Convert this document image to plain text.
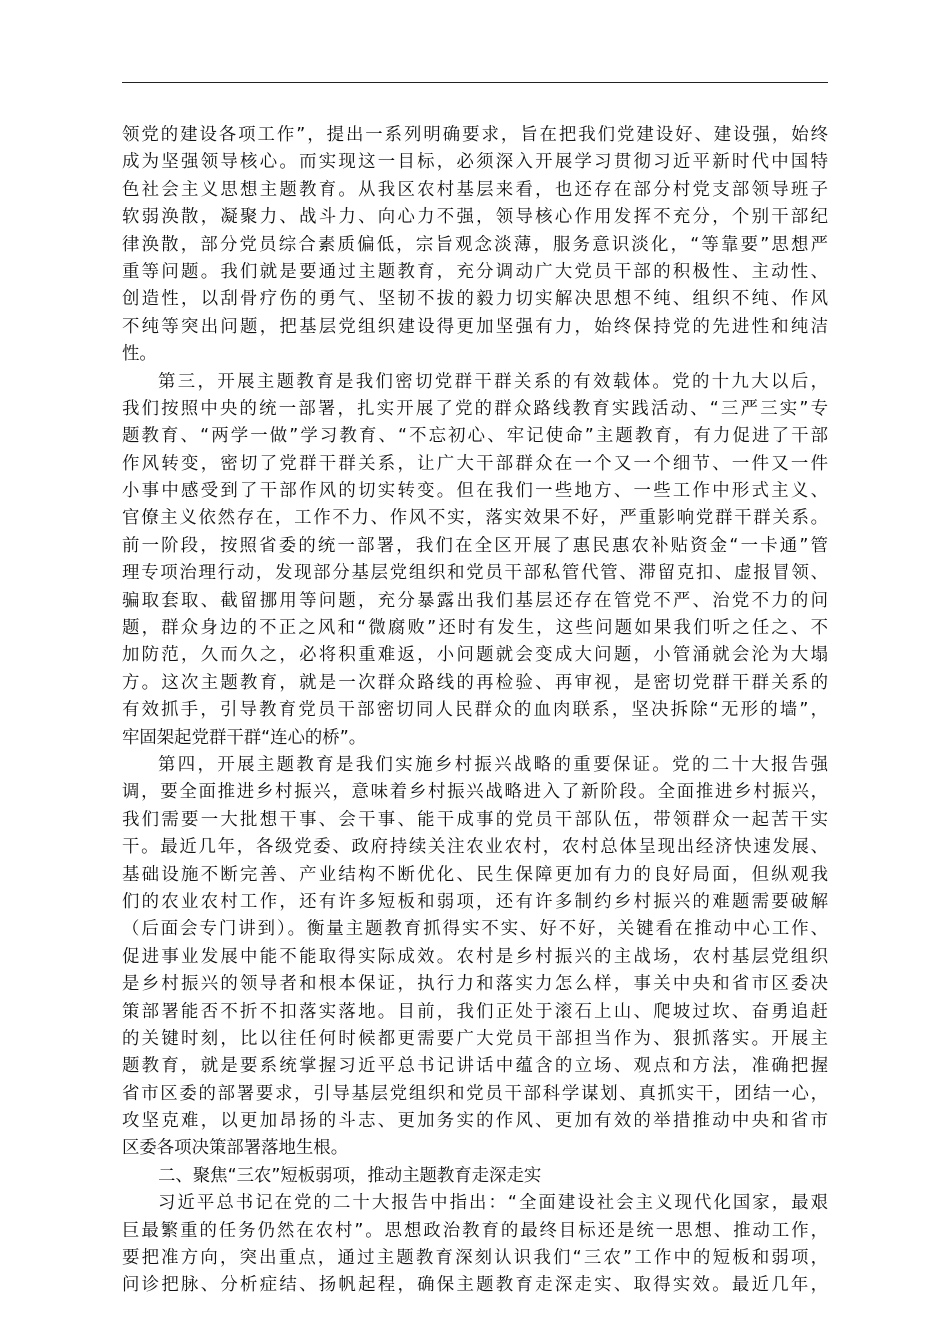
领党的建设各项工作”，提出一系列明确要求，旨在把我们党建设好、建设强，始终
成为坚强领导核心。而实现这一目标，必须深入开展学习贯彻习近平新时代中国特
色社会主义思想主题教育。从我区农村基层来看，也还存在部分村党支部领导班子
软弱涣散，凝聚力、战斗力、向心力不强，领导核心作用发挥不充分，个别干部纪
律涣散，部分党员综合素质偏低，宗旨观念淡薄，服务意识淡化，“等靠要”思想严
重等问题。我们就是要通过主题教育，充分调动广大党员干部的积极性、主动性、
创造性，以刮骨疗伤的勇气、坚韧不拔的毅力切实解决思想不纯、组织不纯、作风
不纯等突出问题，把基层党组织建设得更加坚强有力，始终保持党的先进性和纯洁
性。
第三，开展主题教育是我们密切党群干群关系的有效载体。党的十九大以后，
我们按照中央的统一部署，扎实开展了党的群众路线教育实践活动、“三严三实”专
题教育、“两学一做”学习教育、“不忘初心、牢记使命”主题教育，有力促进了干部
作风转变，密切了党群干群关系，让广大干部群众在一个又一个细节、一件又一件
小事中感受到了干部作风的切实转变。但在我们一些地方、一些工作中形式主义、
官僚主义依然存在，工作不力、作风不实，落实效果不好，严重影响党群干群关系。
前一阶段，按照省委的统一部署，我们在全区开展了惠民惠农补贴资金“一卡通”管
理专项治理行动，发现部分基层党组织和党员干部私管代管、滞留克扣、虚报冒领、
骗取套取、截留挪用等问题，充分暴露出我们基层还存在管党不严、治党不力的问
题，群众身边的不正之风和“微腐败”还时有发生，这些问题如果我们听之任之、不
加防范，久而久之，必将积重难返，小问题就会变成大问题，小管涌就会沦为大塌
方。这次主题教育，就是一次群众路线的再检验、再审视，是密切党群干群关系的
有效抓手，引导教育党员干部密切同人民群众的血肉联系，坚决拆除“无形的墙”，
牢固架起党群干群“连心的桥”。
第四，开展主题教育是我们实施乡村振兴战略的重要保证。党的二十大报告强
调，要全面推进乡村振兴，意味着乡村振兴战略进入了新阶段。全面推进乡村振兴，
我们需要一大批想干事、会干事、能干成事的党员干部队伍，带领群众一起苦干实
干。最近几年，各级党委、政府持续关注农业农村，农村总体呈现出经济快速发展、
基础设施不断完善、产业结构不断优化、民生保障更加有力的良好局面，但纵观我
们的农业农村工作，还有许多短板和弱项，还有许多制约乡村振兴的难题需要破解
（后面会专门讲到）。衡量主题教育抓得实不实、好不好，关键看在推动中心工作、
促进事业发展中能不能取得实际成效。农村是乡村振兴的主战场，农村基层党组织
是乡村振兴的领导者和根本保证，执行力和落实力怎么样，事关中央和省市区委决
策部署能否不折不扣落实落地。目前，我们正处于滚石上山、爬坡过坎、奋勇追赶
的关键时刻，比以往任何时候都更需要广大党员干部担当作为、狠抓落实。开展主
题教育，就是要系统掌握习近平总书记讲话中蕴含的立场、观点和方法，准确把握
省市区委的部署要求，引导基层党组织和党员干部科学谋划、真抓实干，团结一心，
攻坚克难，以更加昂扬的斗志、更加务实的作风、更加有效的举措推动中央和省市
区委各项决策部署落地生根。
二、聚焦“三农”短板弱项，推动主题教育走深走实
习近平总书记在党的二十大报告中指出：“全面建设社会主义现代化国家，最艰
巨最繁重的任务仍然在农村”。思想政治教育的最终目标还是统一思想、推动工作，
要把准方向，突出重点，通过主题教育深刻认识我们“三农”工作中的短板和弱项，
问诊把脉、分析症结、扬帆起程，确保主题教育走深走实、取得实效。最近几年，
